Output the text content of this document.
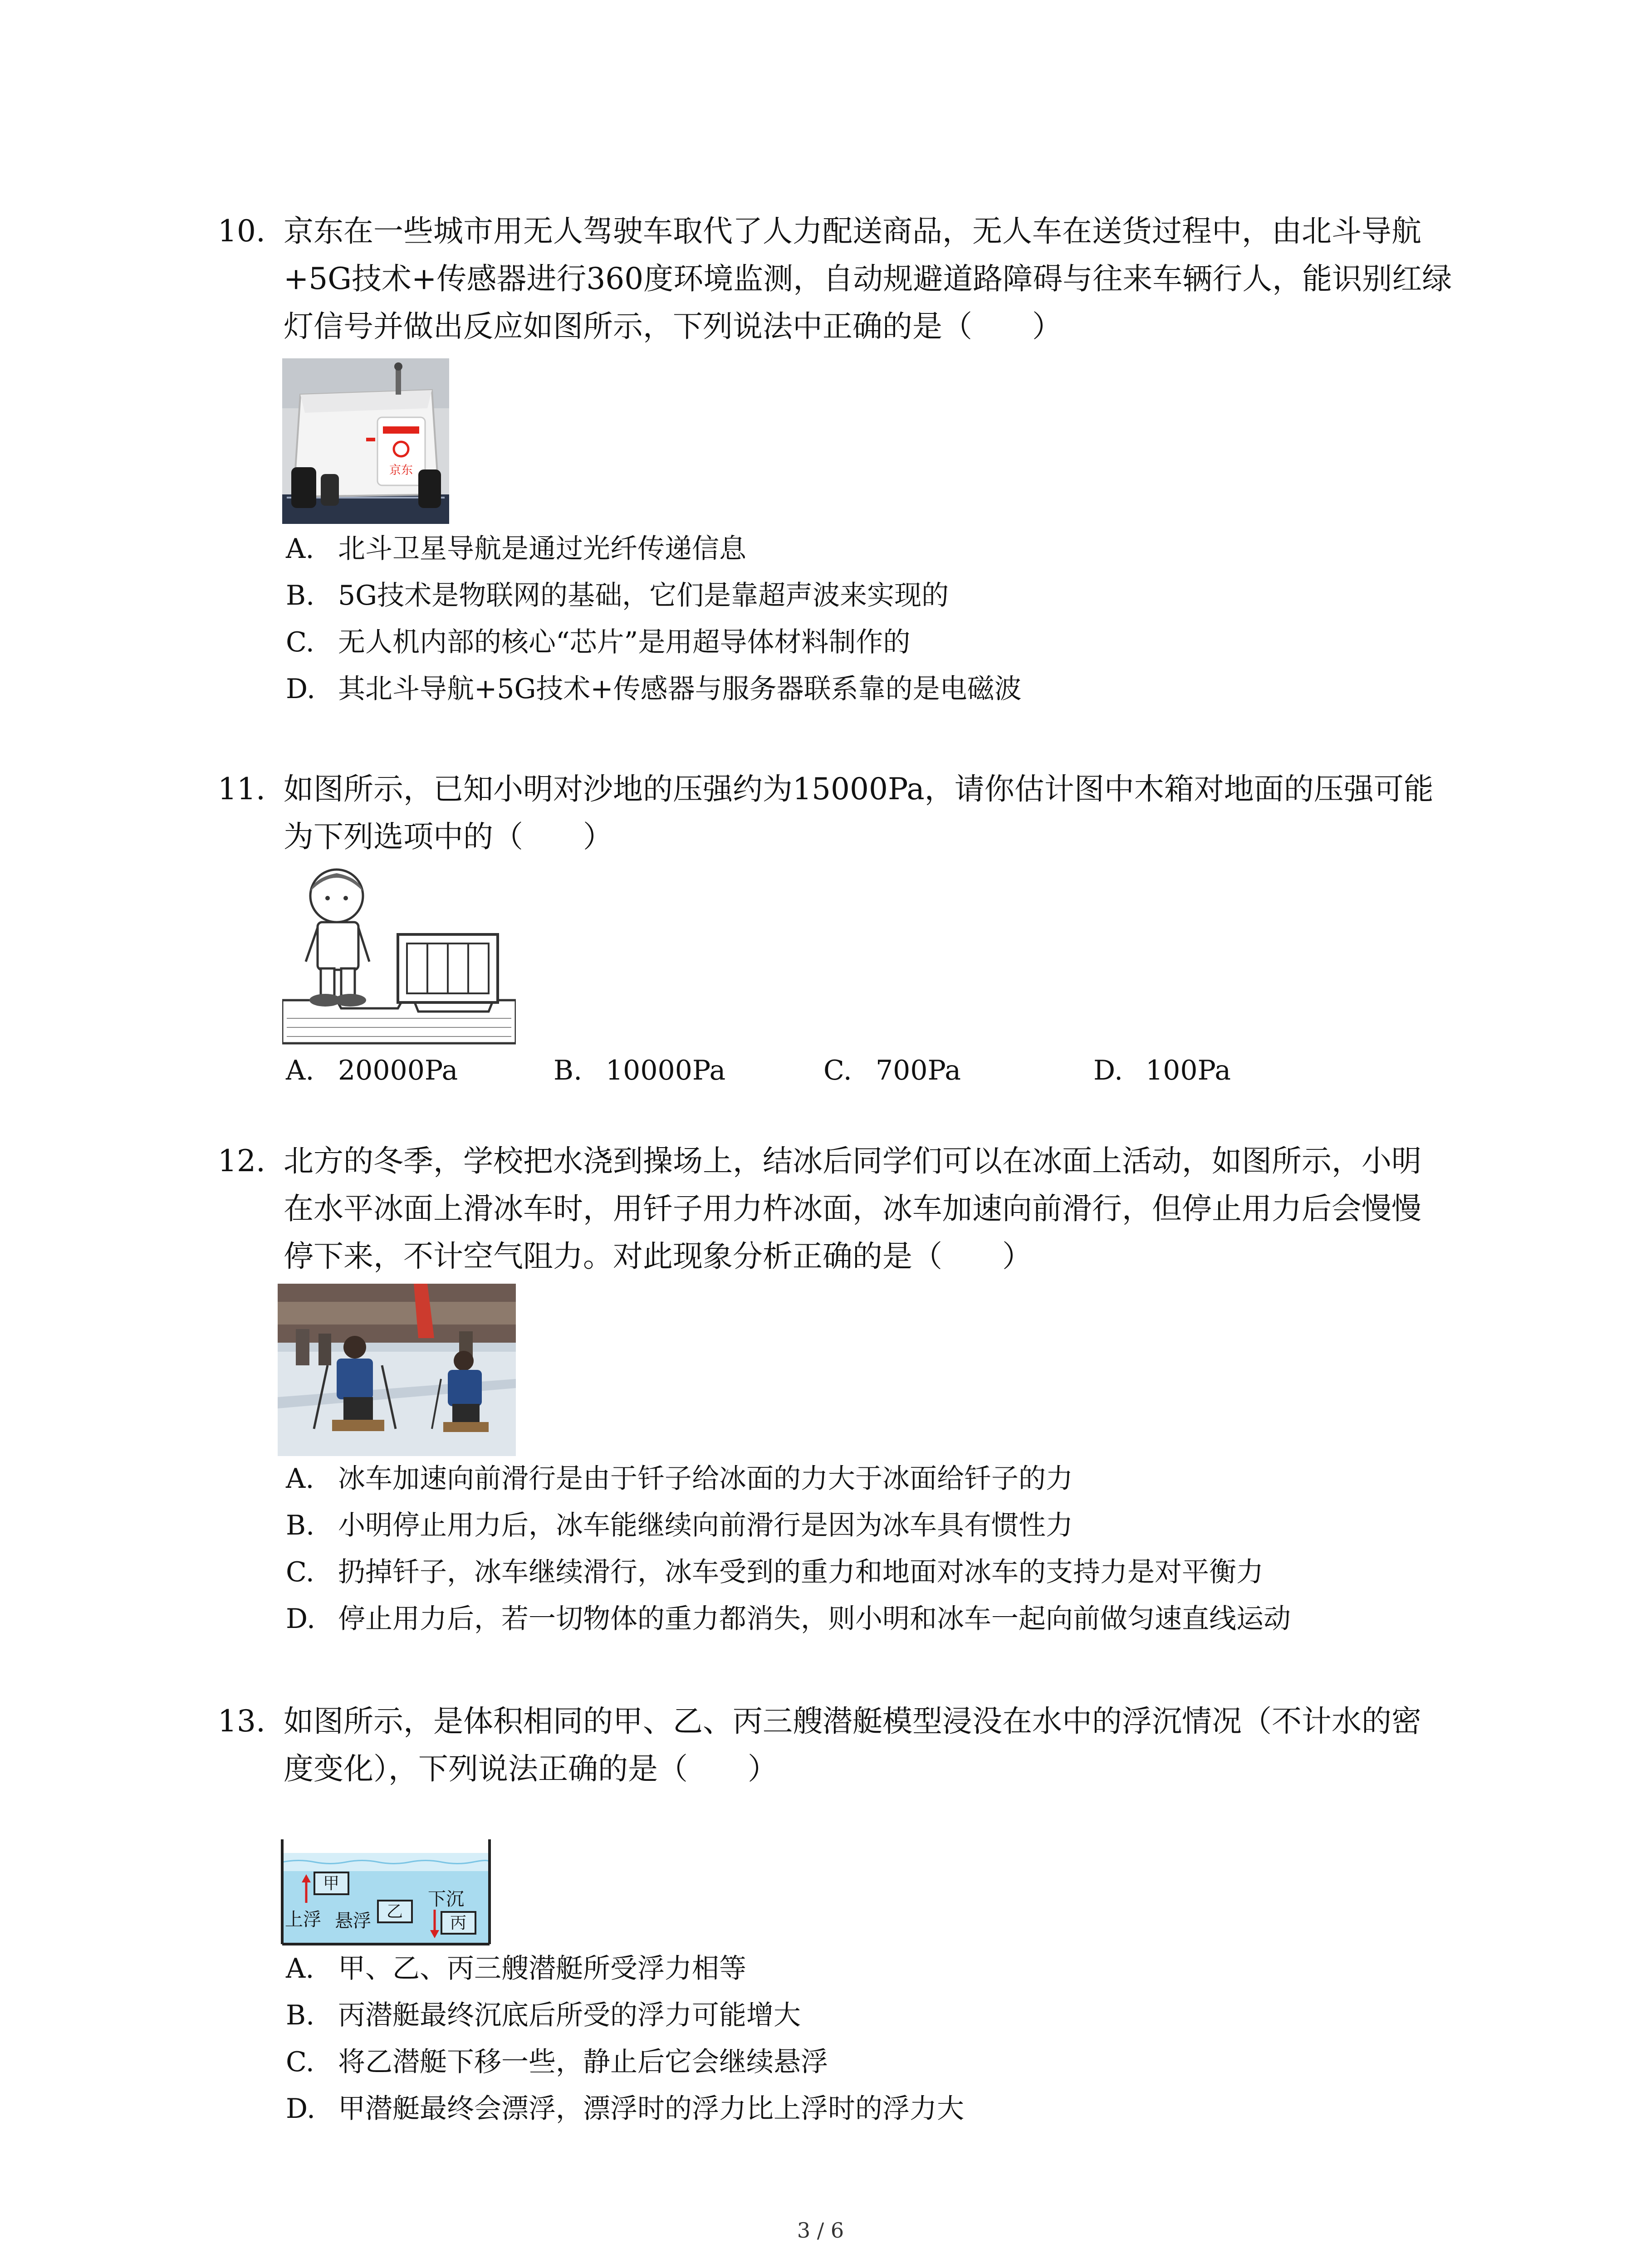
10. 京东在一些城市用无人驾驶车取代了人力配送商品，无人车在送货过程中，由北斗导航
+5G技术+传感器进行360度环境监测，自动规避道路障碍与往来车辆行人，能识别红绿
灯信号并做出反应如图所示，下列说法中正确的是（　　）
京东
A. 北斗卫星导航是通过光纤传递信息
B. 5G技术是物联网的基础，它们是靠超声波来实现的
C. 无人机内部的核心“芯片”是用超导体材料制作的
D. 其北斗导航+5G技术+传感器与服务器联系靠的是电磁波
11. 如图所示，已知小明对沙地的压强约为15000Pa，请你估计图中木箱对地面的压强可能
为下列选项中的（　　）
A. 20000Pa	B. 10000Pa	C. 700Pa	D. 100Pa
12. 北方的冬季，学校把水浇到操场上，结冰后同学们可以在冰面上活动，如图所示，小明
在水平冰面上滑冰车时，用钎子用力杵冰面，冰车加速向前滑行，但停止用力后会慢慢
停下来，不计空气阻力。对此现象分析正确的是（　　）
A. 冰车加速向前滑行是由于钎子给冰面的力大于冰面给钎子的力
B. 小明停止用力后，冰车能继续向前滑行是因为冰车具有惯性力
C. 扔掉钎子，冰车继续滑行，冰车受到的重力和地面对冰车的支持力是对平衡力
D. 停止用力后，若一切物体的重力都消失，则小明和冰车一起向前做匀速直线运动
13. 如图所示，是体积相同的甲、乙、丙三艘潜艇模型浸没在水中的浮沉情况（不计水的密
度变化），下列说法正确的是（　　）
甲
上浮 悬浮 乙
下沉
丙
A. 甲、乙、丙三艘潜艇所受浮力相等
B. 丙潜艇最终沉底后所受的浮力可能增大
C. 将乙潜艇下移一些，静止后它会继续悬浮
D. 甲潜艇最终会漂浮，漂浮时的浮力比上浮时的浮力大
3 / 6
